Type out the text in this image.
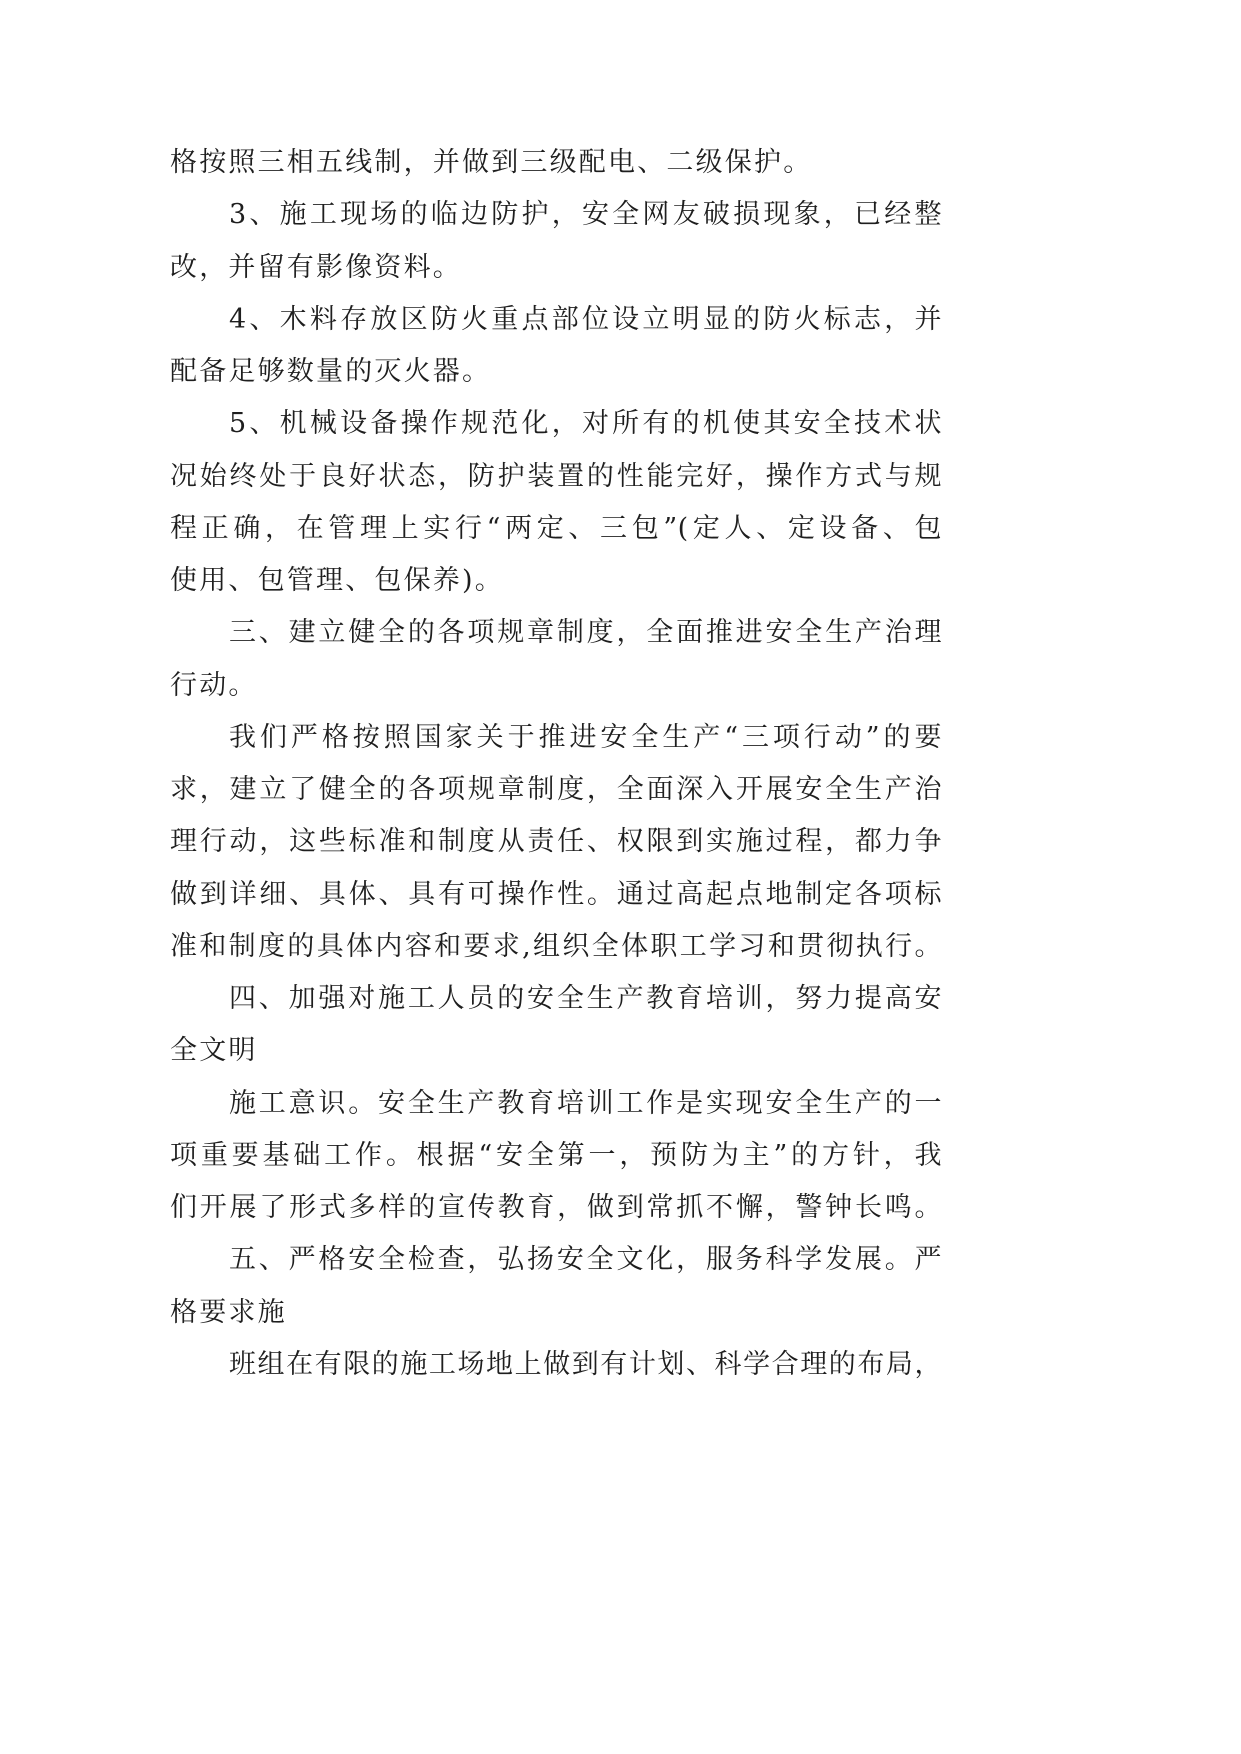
格按照三相五线制，并做到三级配电、二级保护。
3、施工现场的临边防护，安全网友破损现象，已经整
改，并留有影像资料。
4、木料存放区防火重点部位设立明显的防火标志，并
配备足够数量的灭火器。
5、机械设备操作规范化，对所有的机使其安全技术状
况始终处于良好状态，防护装置的性能完好，操作方式与规
程正确，在管理上实行“两定、三包”(定人、定设备、包
使用、包管理、包保养)。
三、建立健全的各项规章制度，全面推进安全生产治理
行动。
我们严格按照国家关于推进安全生产“三项行动”的要
求，建立了健全的各项规章制度，全面深入开展安全生产治
理行动，这些标准和制度从责任、权限到实施过程，都力争
做到详细、具体、具有可操作性。通过高起点地制定各项标
准和制度的具体内容和要求,组织全体职工学习和贯彻执行。
四、加强对施工人员的安全生产教育培训，努力提高安
全文明
施工意识。安全生产教育培训工作是实现安全生产的一
项重要基础工作。根据“安全第一，预防为主”的方针，我
们开展了形式多样的宣传教育，做到常抓不懈，警钟长鸣。
五、严格安全检查，弘扬安全文化，服务科学发展。严
格要求施
班组在有限的施工场地上做到有计划、科学合理的布局，
